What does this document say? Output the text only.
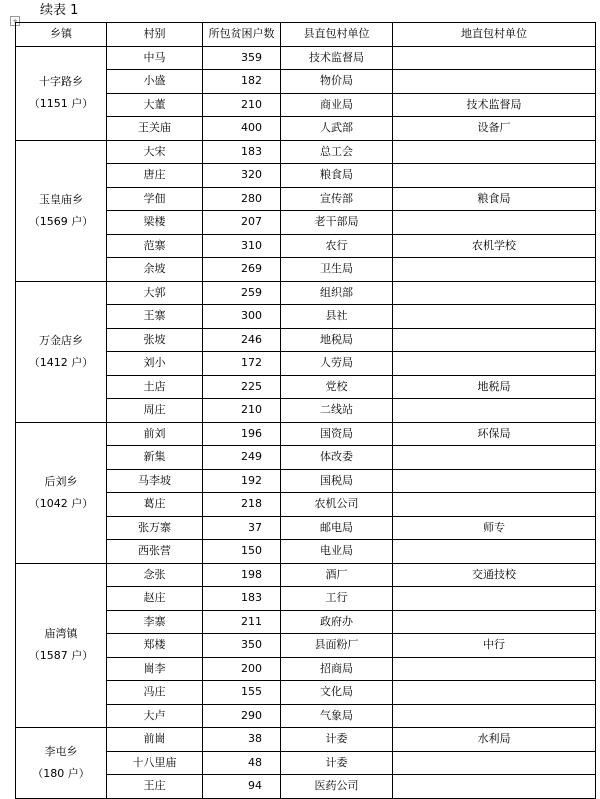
+
续表 1
乡镇	村别	所包贫困户数	县直包村单位	地直包村单位

十字路乡
（1151 户）	中马	359	技术监督局	
	小盛	182	物价局	
	大董	210	商业局	技术监督局
	王关庙	400	人武部	设备厂

玉皇庙乡
（1569 户）	大宋	183	总工会	
	唐庄	320	粮食局	
	学佃	280	宣传部	粮食局
	梁楼	207	老干部局	
	范寨	310	农行	农机学校
	余坡	269	卫生局	

万金店乡
（1412 户）	大郭	259	组织部	
	王寨	300	县社	
	张坡	246	地税局	
	刘小	172	人劳局	
	土店	225	党校	地税局
	周庄	210	二线站	

后刘乡
（1042 户）	前刘	196	国资局	环保局
	新集	249	体改委	
	马李坡	192	国税局	
	葛庄	218	农机公司	
	张万寨	37	邮电局	师专
	西张营	150	电业局	

庙湾镇
（1587 户）	念张	198	酒厂	交通技校
	赵庄	183	工行	
	李寨	211	政府办	
	郑楼	350	县面粉厂	中行
	崗李	200	招商局	
	冯庄	155	文化局	
	大卢	290	气象局	

李屯乡
（180 户）	前崗	38	计委	水利局
	十八里庙	48	计委	
	王庄	94	医药公司	
